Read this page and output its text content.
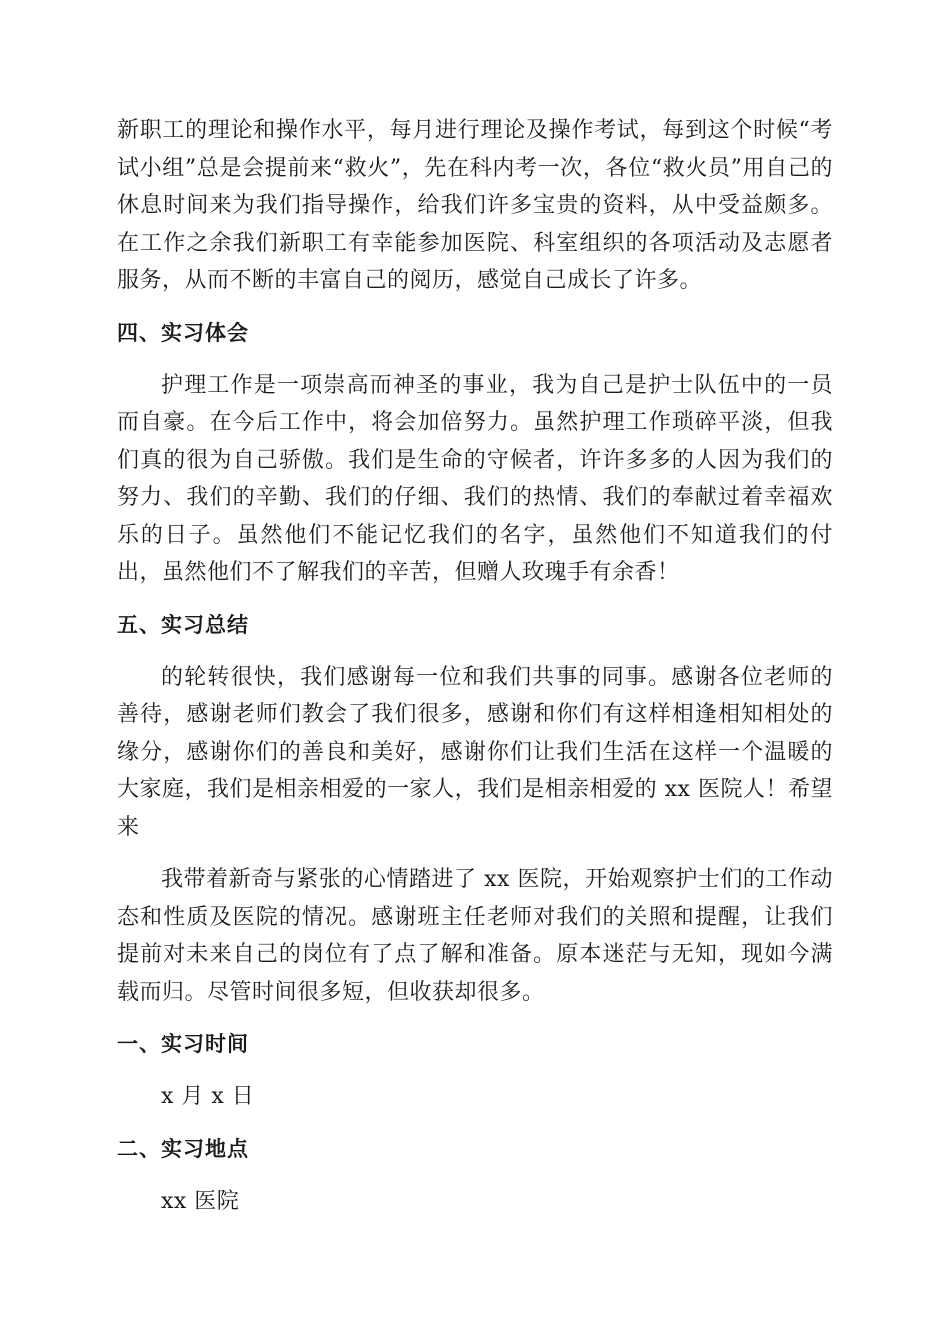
新职工的理论和操作水平，每月进行理论及操作考试，每到这个时候“考试小组”总是会提前来“救火”，先在科内考一次，各位“救火员”用自己的休息时间来为我们指导操作，给我们许多宝贵的资料，从中受益颇多。在工作之余我们新职工有幸能参加医院、科室组织的各项活动及志愿者服务，从而不断的丰富自己的阅历，感觉自己成长了许多。

四、实习体会

护理工作是一项崇高而神圣的事业，我为自己是护士队伍中的一员而自豪。在今后工作中，将会加倍努力。虽然护理工作琐碎平淡，但我们真的很为自己骄傲。我们是生命的守候者，许许多多的人因为我们的努力、我们的辛勤、我们的仔细、我们的热情、我们的奉献过着幸福欢乐的日子。虽然他们不能记忆我们的名字，虽然他们不知道我们的付出，虽然他们不了解我们的辛苦，但赠人玫瑰手有余香！

五、实习总结

的轮转很快，我们感谢每一位和我们共事的同事。感谢各位老师的善待，感谢老师们教会了我们很多，感谢和你们有这样相逢相知相处的缘分，感谢你们的善良和美好，感谢你们让我们生活在这样一个温暖的大家庭，我们是相亲相爱的一家人，我们是相亲相爱的 xx 医院人！希望来

我带着新奇与紧张的心情踏进了 xx 医院，开始观察护士们的工作动态和性质及医院的情况。感谢班主任老师对我们的关照和提醒，让我们提前对未来自己的岗位有了点了解和准备。原本迷茫与无知，现如今满载而归。尽管时间很多短，但收获却很多。

一、实习时间

x 月 x 日

二、实习地点

xx 医院
